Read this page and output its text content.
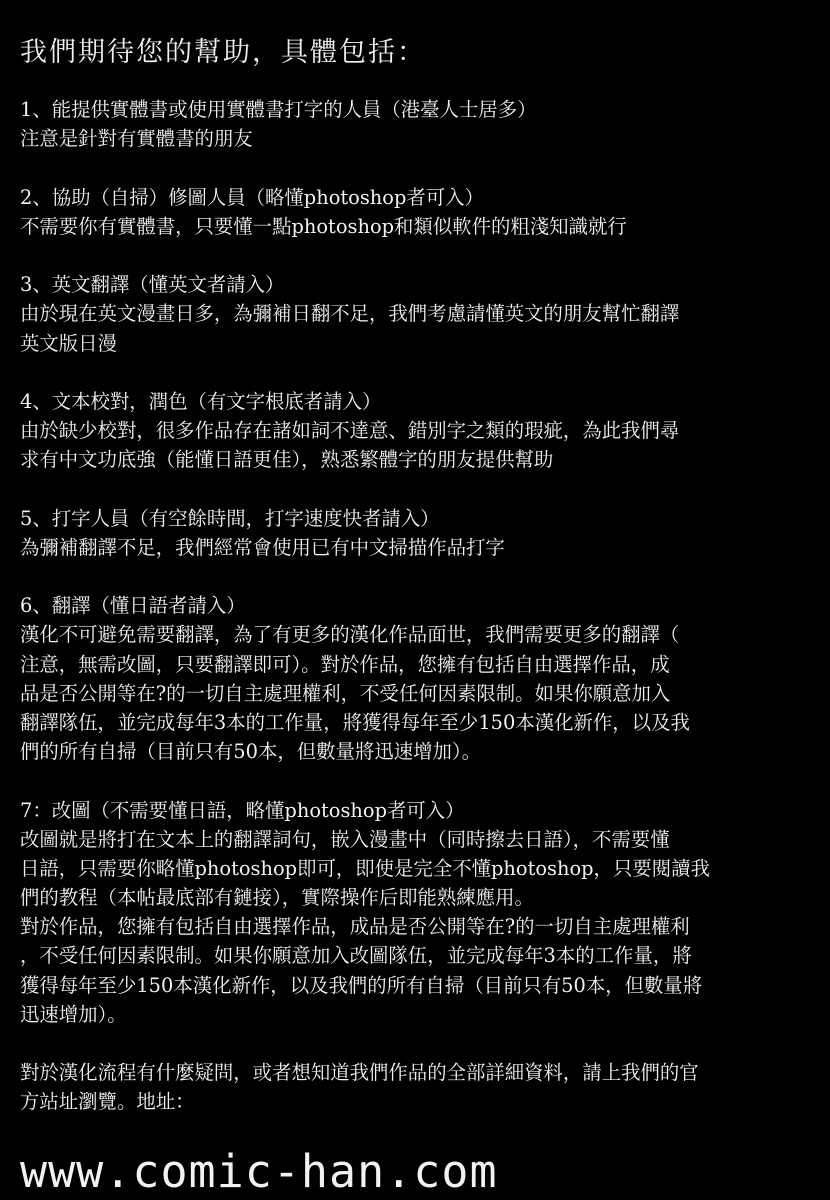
我們期待您的幫助，具體包括：
1、能提供實體書或使用實體書打字的人員（港臺人士居多）
注意是針對有實體書的朋友
2、協助（自掃）修圖人員（略懂photoshop者可入）
不需要你有實體書，只要懂一點photoshop和類似軟件的粗淺知識就行
3、英文翻譯（懂英文者請入）
由於現在英文漫畫日多，為彌補日翻不足，我們考慮請懂英文的朋友幫忙翻譯
英文版日漫
4、文本校對，潤色（有文字根底者請入）
由於缺少校對，很多作品存在諸如詞不達意、錯別字之類的瑕疵，為此我們尋
求有中文功底強（能懂日語更佳），熟悉繁體字的朋友提供幫助
5、打字人員（有空餘時間，打字速度快者請入）
為彌補翻譯不足，我們經常會使用已有中文掃描作品打字
6、翻譯（懂日語者請入）
漢化不可避免需要翻譯，為了有更多的漢化作品面世，我們需要更多的翻譯（
注意，無需改圖，只要翻譯即可）。對於作品，您擁有包括自由選擇作品，成
品是否公開等在?的一切自主處理權利，不受任何因素限制。如果你願意加入
翻譯隊伍，並完成每年3本的工作量，將獲得每年至少150本漢化新作，以及我
們的所有自掃（目前只有50本，但數量將迅速增加）。
7：改圖（不需要懂日語，略懂photoshop者可入）
改圖就是將打在文本上的翻譯詞句，嵌入漫畫中（同時擦去日語），不需要懂
日語，只需要你略懂photoshop即可，即使是完全不懂photoshop，只要閱讀我
們的教程（本帖最底部有鏈接），實際操作后即能熟練應用。
對於作品，您擁有包括自由選擇作品，成品是否公開等在?的一切自主處理權利
，不受任何因素限制。如果你願意加入改圖隊伍，並完成每年3本的工作量，將
獲得每年至少150本漢化新作，以及我們的所有自掃（目前只有50本，但數量將
迅速增加）。
對於漢化流程有什麼疑問，或者想知道我們作品的全部詳細資料，請上我們的官
方站址瀏覽。地址：
www.comic-han.com
